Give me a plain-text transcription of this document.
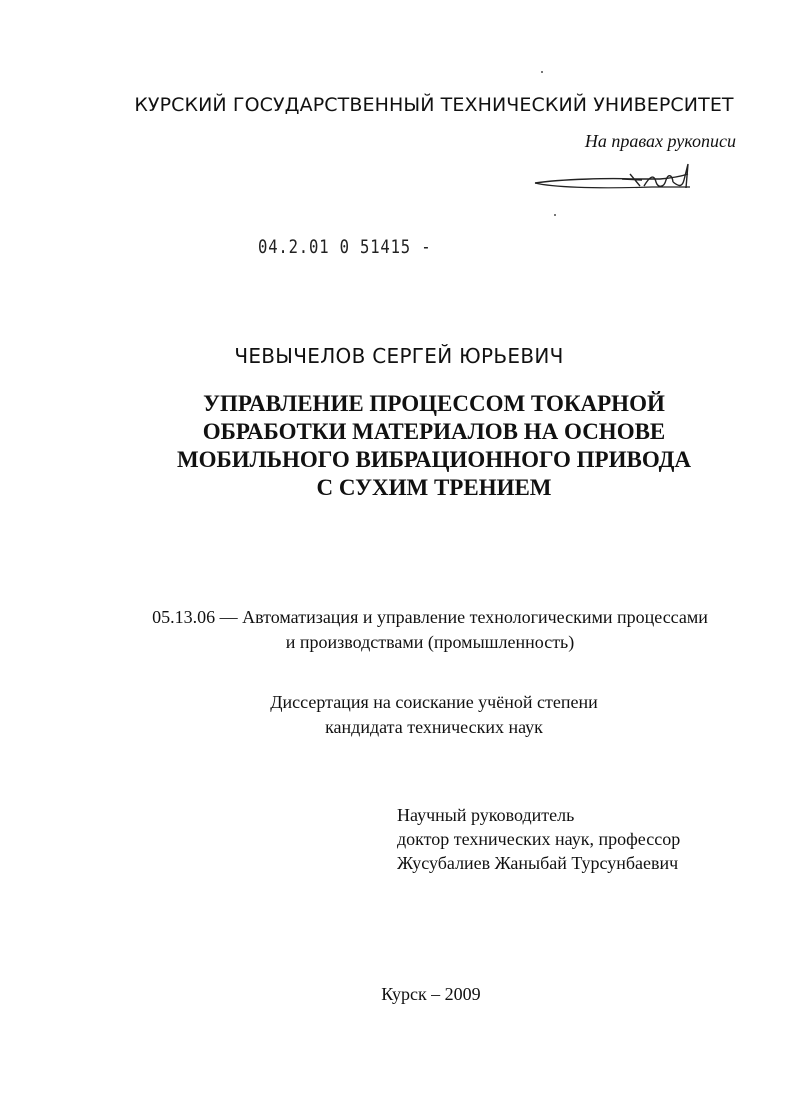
КУРСКИЙ ГОСУДАРСТВЕННЫЙ ТЕХНИЧЕСКИЙ УНИВЕРСИТЕТ
На правах рукописи
04.2.01 0 51415 -
ЧЕВЫЧЕЛОВ СЕРГЕЙ ЮРЬЕВИЧ
УПРАВЛЕНИЕ ПРОЦЕССОМ ТОКАРНОЙ
ОБРАБОТКИ МАТЕРИАЛОВ НА ОСНОВЕ
МОБИЛЬНОГО ВИБРАЦИОННОГО ПРИВОДА
С СУХИМ ТРЕНИЕМ
05.13.06 — Автоматизация и управление технологическими процессами
и производствами (промышленность)
Диссертация на соискание учёной степени
кандидата технических наук
Научный руководитель
доктор технических наук, профессор
Жусубалиев Жаныбай Турсунбаевич
Курск – 2009
